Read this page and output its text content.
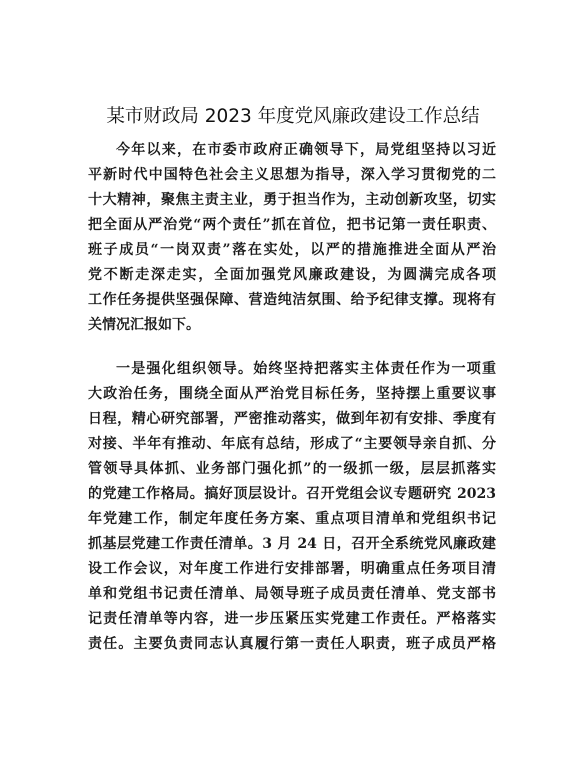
某市财政局 2023 年度党风廉政建设工作总结
今年以来，在市委市政府正确领导下，局党组坚持以习近
平新时代中国特色社会主义思想为指导，深入学习贯彻党的二
十大精神，聚焦主责主业，勇于担当作为，主动创新攻坚，切实
把全面从严治党“两个责任”抓在首位，把书记第一责任职责、
班子成员“一岗双责”落在实处，以严的措施推进全面从严治
党不断走深走实，全面加强党风廉政建设，为圆满完成各项
工作任务提供坚强保障、营造纯洁氛围、给予纪律支撑。现将有
关情况汇报如下。
一是强化组织领导。始终坚持把落实主体责任作为一项重
大政治任务，围绕全面从严治党目标任务，坚持摆上重要议事
日程，精心研究部署，严密推动落实，做到年初有安排、季度有
对接、半年有推动、年底有总结，形成了“主要领导亲自抓、分
管领导具体抓、业务部门强化抓”的一级抓一级，层层抓落实
的党建工作格局。搞好顶层设计。召开党组会议专题研究 2023
年党建工作，制定年度任务方案、重点项目清单和党组织书记
抓基层党建工作责任清单。3 月 24 日，召开全系统党风廉政建
设工作会议，对年度工作进行安排部署，明确重点任务项目清
单和党组书记责任清单、局领导班子成员责任清单、党支部书
记责任清单等内容，进一步压紧压实党建工作责任。严格落实
责任。主要负责同志认真履行第一责任人职责，班子成员严格
